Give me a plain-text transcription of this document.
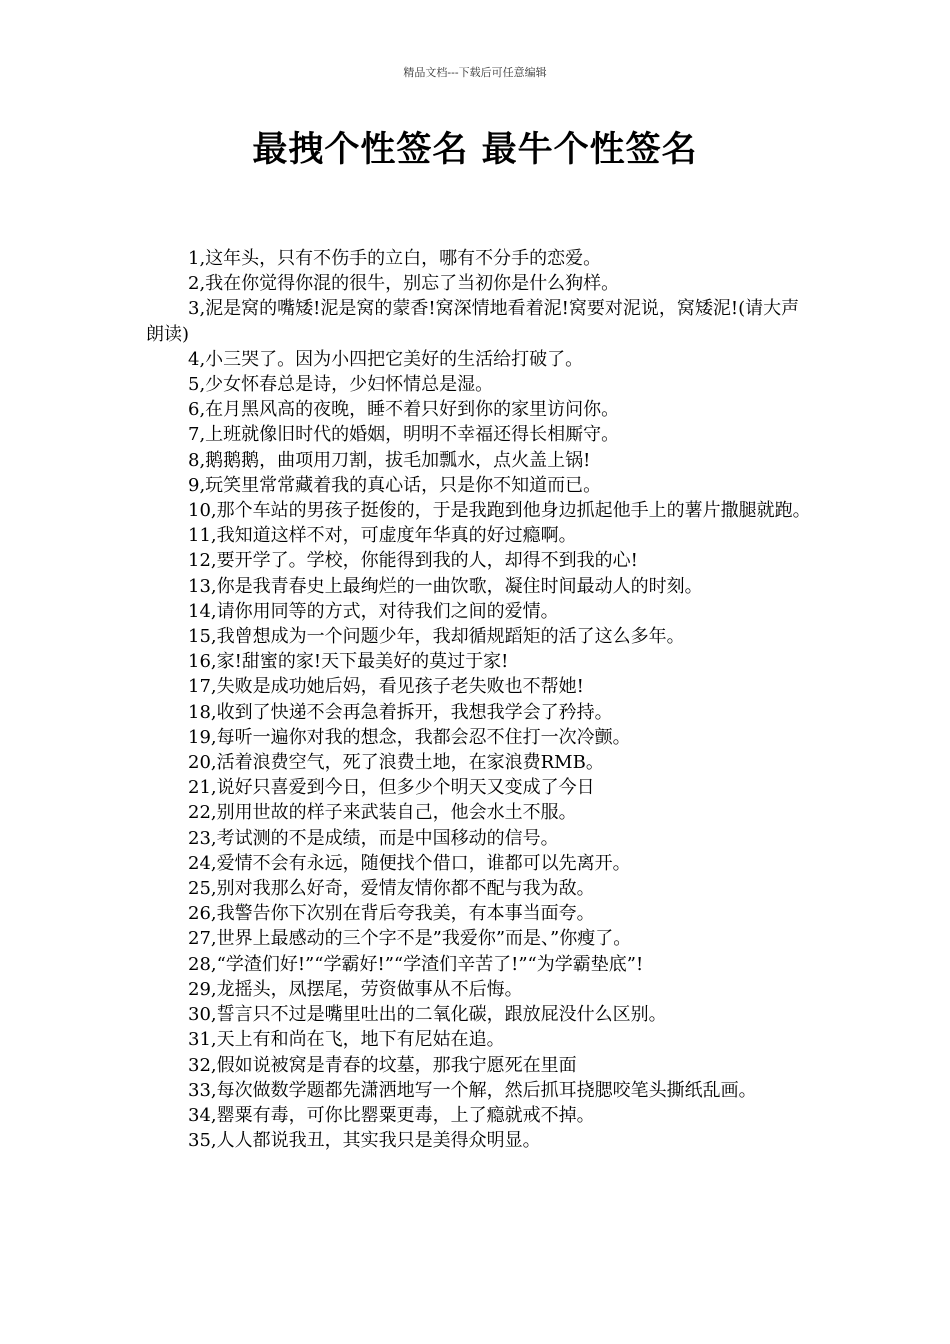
精品文档---下载后可任意编辑
最拽个性签名 最牛个性签名
1,这年头，只有不伤手的立白，哪有不分手的恋爱。
2,我在你觉得你混的很牛，别忘了当初你是什么狗样。
3,泥是窝的嘴矮!泥是窝的蒙香!窝深情地看着泥!窝要对泥说，窝矮泥!(请大声朗读)
4,小三哭了。因为小四把它美好的生活给打破了。
5,少女怀春总是诗，少妇怀情总是湿。
6,在月黑风高的夜晚，睡不着只好到你的家里访问你。
7,上班就像旧时代的婚姻，明明不幸福还得长相厮守。
8,鹅鹅鹅，曲项用刀割，拔毛加瓢水，点火盖上锅!
9,玩笑里常常藏着我的真心话，只是你不知道而已。
10,那个车站的男孩子挺俊的，于是我跑到他身边抓起他手上的薯片撒腿就跑。
11,我知道这样不对，可虚度年华真的好过瘾啊。
12,要开学了。学校，你能得到我的人，却得不到我的心!
13,你是我青春史上最绚烂的一曲饮歌，凝住时间最动人的时刻。
14,请你用同等的方式，对待我们之间的爱情。
15,我曾想成为一个问题少年，我却循规蹈矩的活了这么多年。
16,家!甜蜜的家!天下最美好的莫过于家!
17,失败是成功她后妈，看见孩子老失败也不帮她!
18,收到了快递不会再急着拆开，我想我学会了矜持。
19,每听一遍你对我的想念，我都会忍不住打一次冷颤。
20,活着浪费空气，死了浪费土地，在家浪费RMB。
21,说好只喜爱到今日，但多少个明天又变成了今日
22,别用世故的样子来武装自己，他会水土不服。
23,考试测的不是成绩，而是中国移动的信号。
24,爱情不会有永远，随便找个借口，谁都可以先离开。
25,别对我那么好奇，爱情友情你都不配与我为敌。
26,我警告你下次别在背后夸我美，有本事当面夸。
27,世界上最感动的三个字不是”我爱你”而是、”你瘦了。
28,“学渣们好!”“学霸好!”“学渣们辛苦了!”“为学霸垫底”!
29,龙摇头，凤摆尾，劳资做事从不后悔。
30,誓言只不过是嘴里吐出的二氧化碳，跟放屁没什么区别。
31,天上有和尚在飞，地下有尼姑在追。
32,假如说被窝是青春的坟墓，那我宁愿死在里面
33,每次做数学题都先潇洒地写一个解，然后抓耳挠腮咬笔头撕纸乱画。
34,罂粟有毒，可你比罂粟更毒，上了瘾就戒不掉。
35,人人都说我丑，其实我只是美得众明显。
